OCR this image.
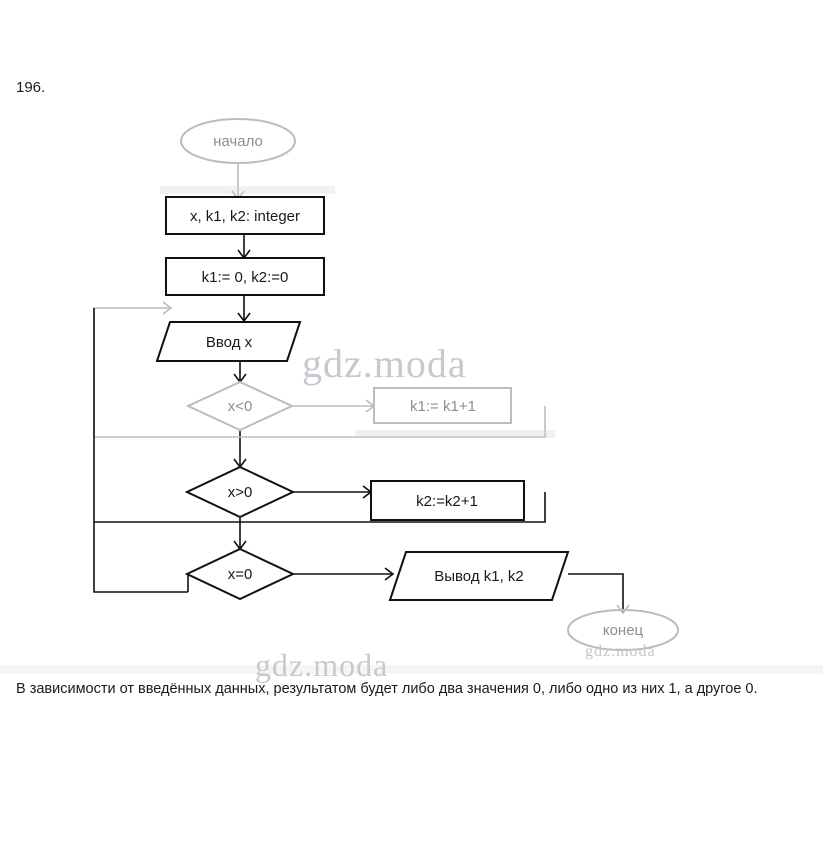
196.
начало
x, k1, k2: integer
k1:= 0, k2:=0
Ввод x
x<0	k1:= k1+1
x>0
k2:=k2+1
x=0	Вывод k1, k2
конец
gdz.moda
gdz.moda	gdz.moda
В зависимости от введённых данных, результатом будет либо два значения 0, либо одно из них 1, а другое 0.
